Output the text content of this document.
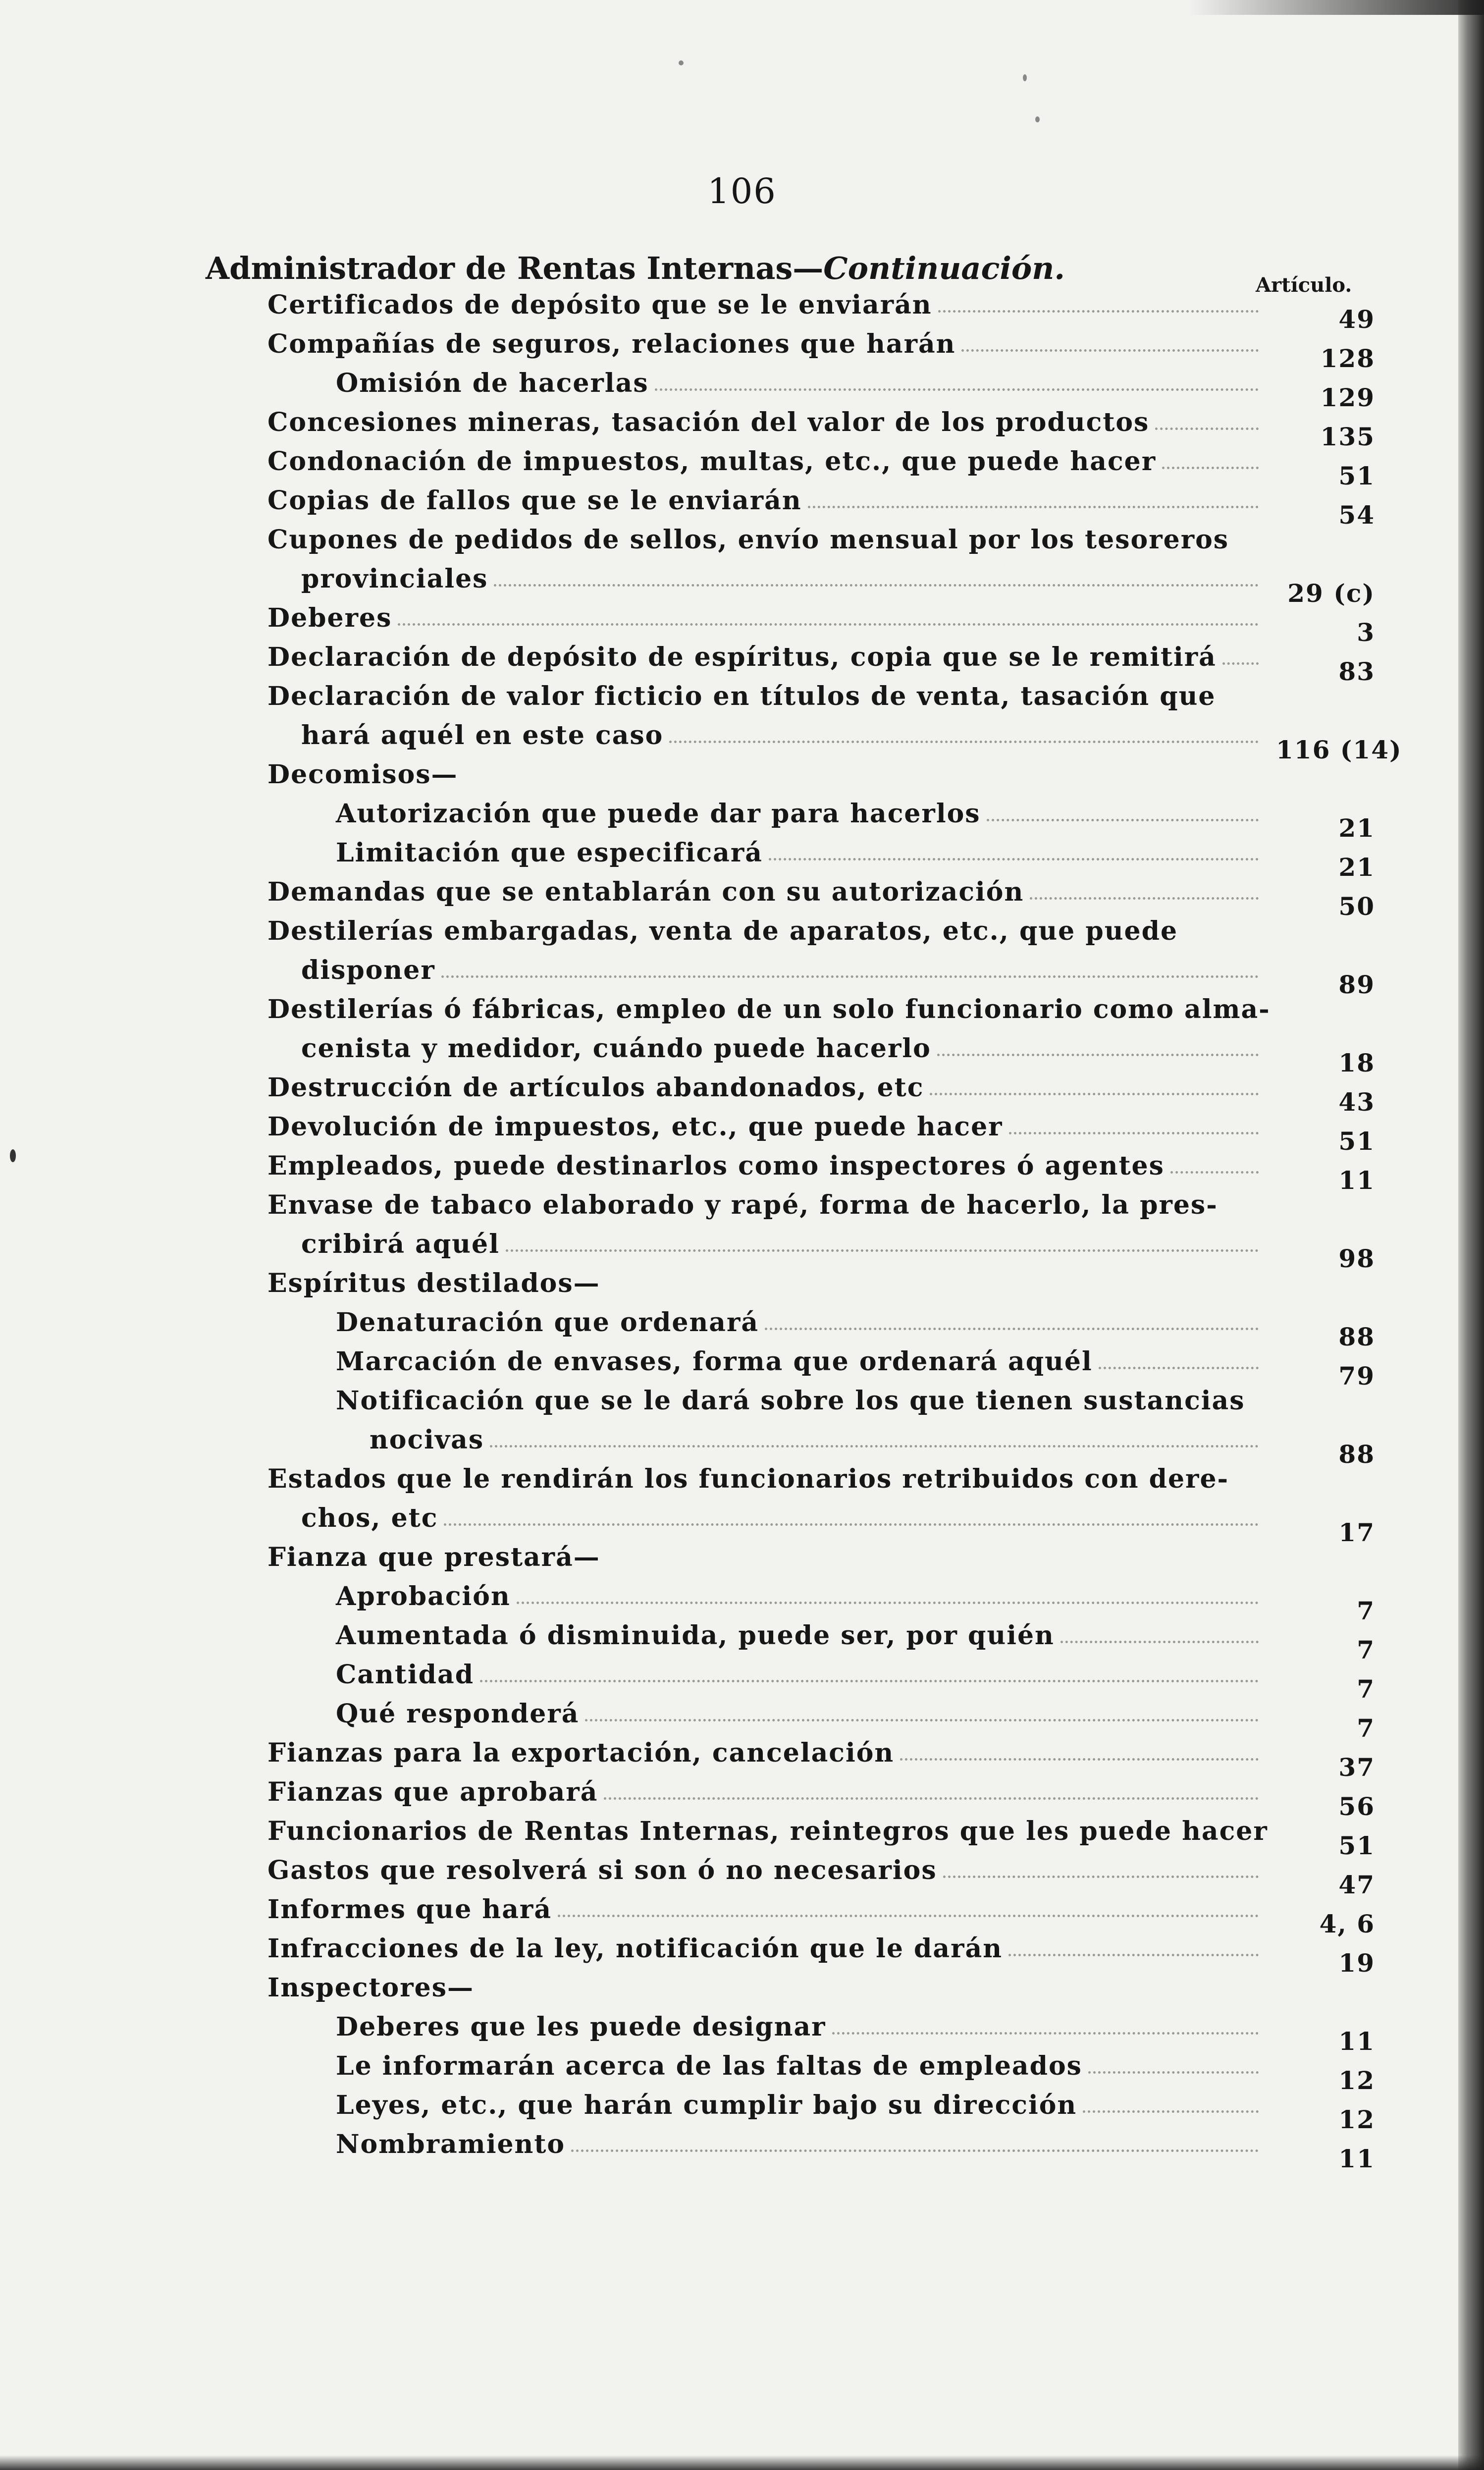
106
Administrador de Rentas Internas—Continuación.	Artículo.
Certificados de depósito que se le enviarán	49
Compañías de seguros, relaciones que harán	128
Omisión de hacerlas	129
Concesiones mineras, tasación del valor de los productos	135
Condonación de impuestos, multas, etc., que puede hacer	51
Copias de fallos que se le enviarán	54
Cupones de pedidos de sellos, envío mensual por los tesoreros
provinciales	29 (c)
Deberes	3
Declaración de depósito de espíritus, copia que se le remitirá	83
Declaración de valor ficticio en títulos de venta, tasación que
hará aquél en este caso	116 (14)
Decomisos—
Autorización que puede dar para hacerlos	21
Limitación que especificará	21
Demandas que se entablarán con su autorización	50
Destilerías embargadas, venta de aparatos, etc., que puede
disponer	89
Destilerías ó fábricas, empleo de un solo funcionario como alma-
cenista y medidor, cuándo puede hacerlo	18
Destrucción de artículos abandonados, etc	43
Devolución de impuestos, etc., que puede hacer	51
Empleados, puede destinarlos como inspectores ó agentes	11
Envase de tabaco elaborado y rapé, forma de hacerlo, la pres-
cribirá aquél	98
Espíritus destilados—
Denaturación que ordenará	88
Marcación de envases, forma que ordenará aquél	79
Notificación que se le dará sobre los que tienen sustancias
nocivas	88
Estados que le rendirán los funcionarios retribuidos con dere-
chos, etc	17
Fianza que prestará—
Aprobación	7
Aumentada ó disminuida, puede ser, por quién	7
Cantidad	7
Qué responderá	7
Fianzas para la exportación, cancelación	37
Fianzas que aprobará	56
Funcionarios de Rentas Internas, reintegros que les puede hacer	51
Gastos que resolverá si son ó no necesarios	47
Informes que hará	4, 6
Infracciones de la ley, notificación que le darán	19
Inspectores—
Deberes que les puede designar	11
Le informarán acerca de las faltas de empleados	12
Leyes, etc., que harán cumplir bajo su dirección	12
Nombramiento	11
